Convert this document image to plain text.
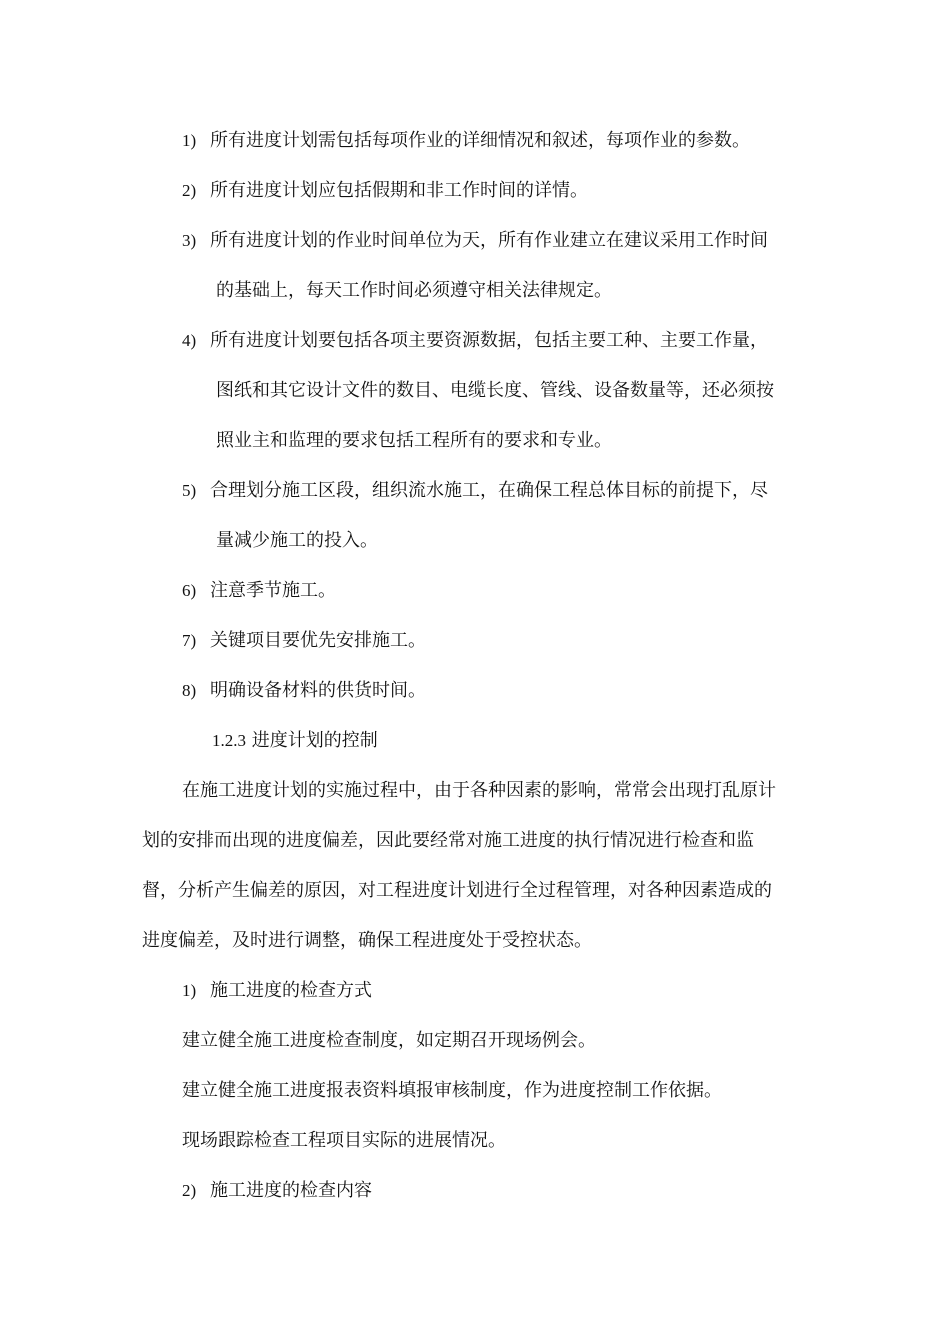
1) 所有进度计划需包括每项作业的详细情况和叙述，每项作业的参数。
2) 所有进度计划应包括假期和非工作时间的详情。
3) 所有进度计划的作业时间单位为天，所有作业建立在建议采用工作时间
的基础上，每天工作时间必须遵守相关法律规定。
4) 所有进度计划要包括各项主要资源数据，包括主要工种、主要工作量，
图纸和其它设计文件的数目、电缆长度、管线、设备数量等，还必须按
照业主和监理的要求包括工程所有的要求和专业。
5) 合理划分施工区段，组织流水施工，在确保工程总体目标的前提下，尽
量减少施工的投入。
6) 注意季节施工。
7) 关键项目要优先安排施工。
8) 明确设备材料的供货时间。
1.2.3 进度计划的控制
在施工进度计划的实施过程中，由于各种因素的影响，常常会出现打乱原计
划的安排而出现的进度偏差，因此要经常对施工进度的执行情况进行检查和监
督，分析产生偏差的原因，对工程进度计划进行全过程管理，对各种因素造成的
进度偏差，及时进行调整，确保工程进度处于受控状态。
1) 施工进度的检查方式
建立健全施工进度检查制度，如定期召开现场例会。
建立健全施工进度报表资料填报审核制度，作为进度控制工作依据。
现场跟踪检查工程项目实际的进展情况。
2) 施工进度的检查内容
